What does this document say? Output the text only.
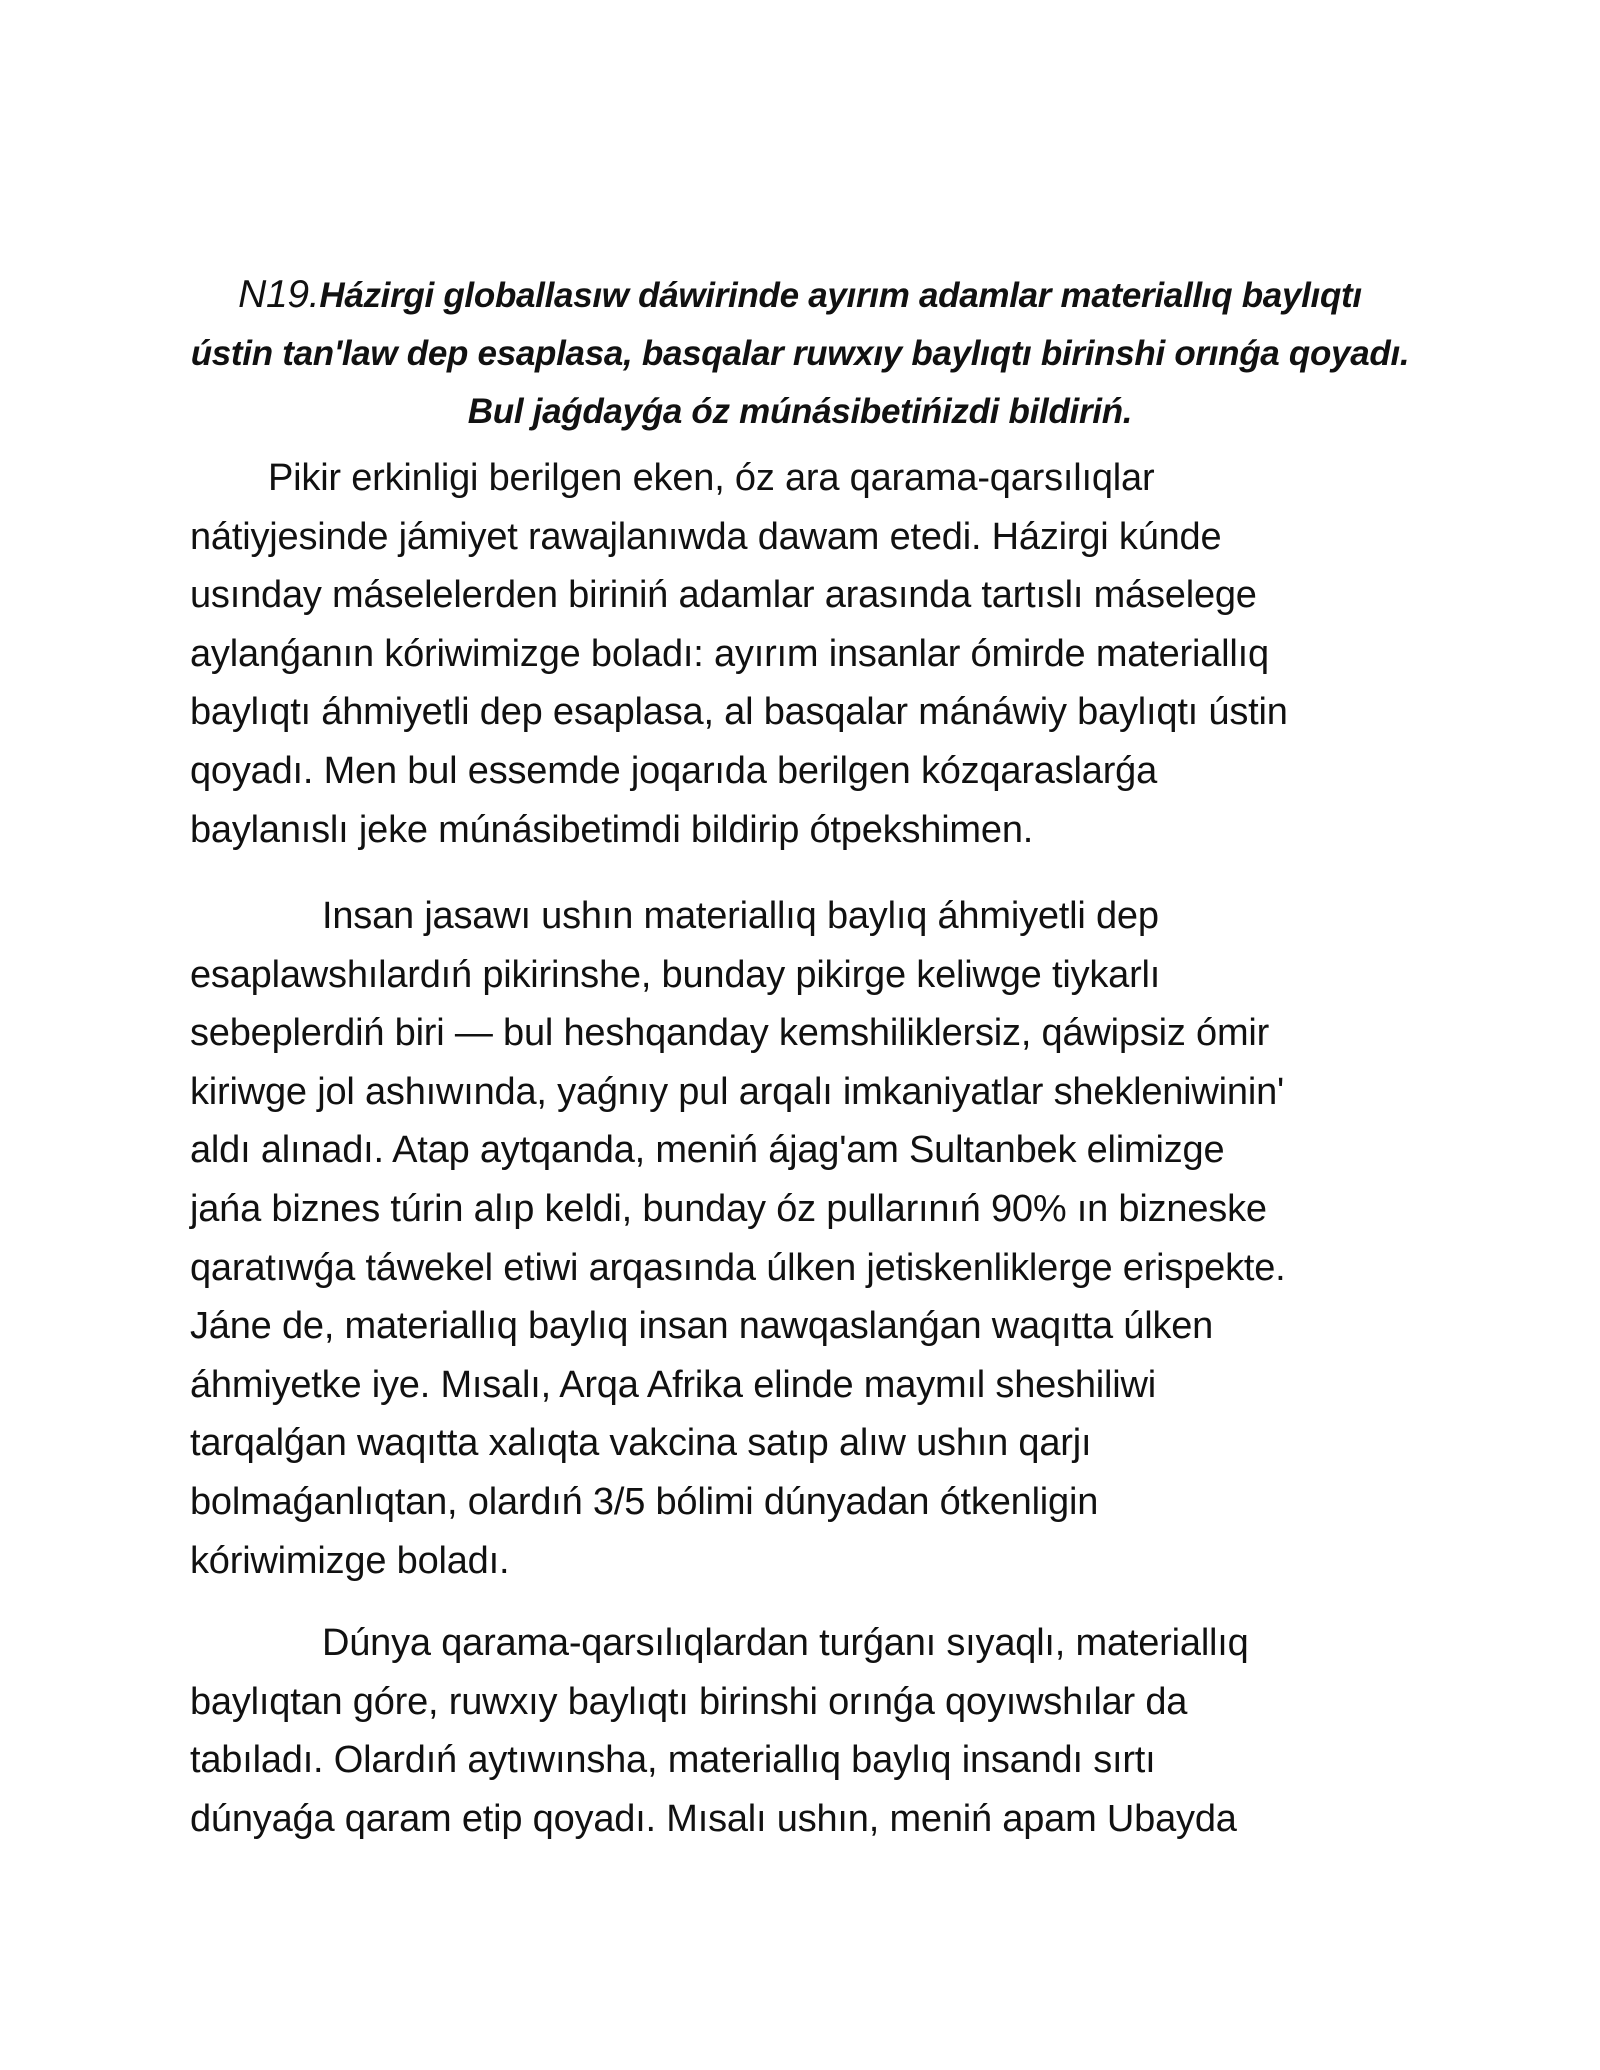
N19.Házirgi globallasıw dáwirinde ayırım adamlar materiallıq baylıqtı
ústin tan'law dep esaplasa, basqalar ruwxıy baylıqtı birinshi orınǵa qoyadı.
Bul jaǵdayǵa óz múnásibetińizdi bildiriń.
Pikir erkinligi berilgen eken, óz ara qarama-qarsılıqlar
nátiyjesinde jámiyet rawajlanıwda dawam etedi. Házirgi kúnde
usınday máselelerden biriniń adamlar arasında tartıslı máselege
aylanǵanın kóriwimizge boladı: ayırım insanlar ómirde materiallıq
baylıqtı áhmiyetli dep esaplasa, al basqalar mánáwiy baylıqtı ústin
qoyadı. Men bul essemde joqarıda berilgen kózqaraslarǵa
baylanıslı jeke múnásibetimdi bildirip ótpekshimen.
Insan jasawı ushın materiallıq baylıq áhmiyetli dep
esaplawshılardıń pikirinshe, bunday pikirge keliwge tiykarlı
sebeplerdiń biri — bul heshqanday kemshiliklersiz, qáwipsiz ómir
kiriwge jol ashıwında, yaǵnıy pul arqalı imkaniyatlar shekleniwinin'
aldı alınadı. Atap aytqanda, meniń ájag'am Sultanbek elimizge
jańa biznes túrin alıp keldi, bunday óz pullarınıń 90% ın bizneske
qaratıwǵa táwekel etiwi arqasında úlken jetiskenliklerge erispekte.
Jáne de, materiallıq baylıq insan nawqaslanǵan waqıtta úlken
áhmiyetke iye. Mısalı, Arqa Afrika elinde maymıl sheshiliwi
tarqalǵan waqıtta xalıqta vakcina satıp alıw ushın qarjı
bolmaǵanlıqtan, olardıń 3/5 bólimi dúnyadan ótkenligin
kóriwimizge boladı.
Dúnya qarama-qarsılıqlardan turǵanı sıyaqlı, materiallıq
baylıqtan góre, ruwxıy baylıqtı birinshi orınǵa qoyıwshılar da
tabıladı. Olardıń aytıwınsha, materiallıq baylıq insandı sırtı
dúnyaǵa qaram etip qoyadı. Mısalı ushın, meniń apam Ubayda
